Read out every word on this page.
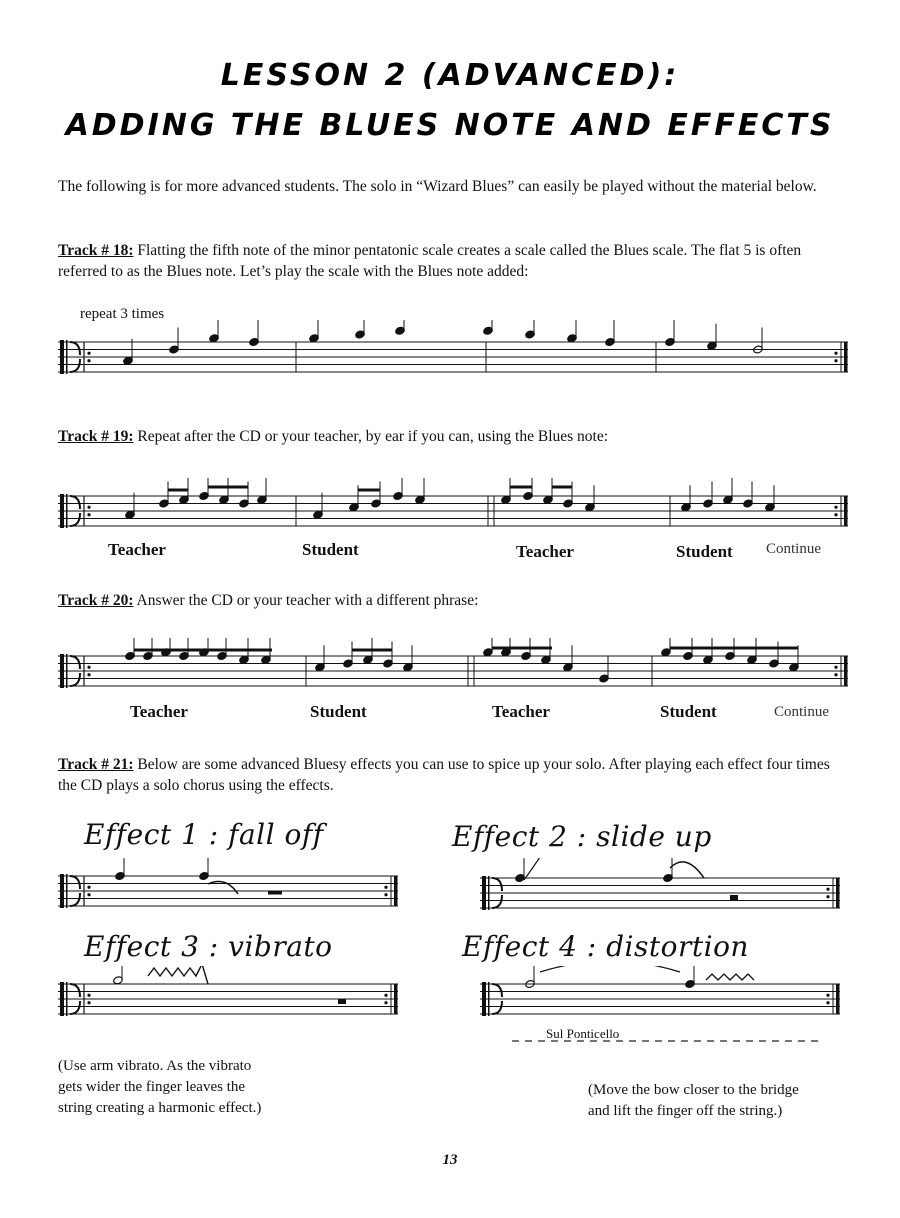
LESSON 2 (ADVANCED):
ADDING THE BLUES NOTE AND EFFECTS
The following is for more advanced students. The solo in “Wizard Blues” can easily be played without the material below.
Track # 18: Flatting the fifth note of the minor pentatonic scale creates a scale called the Blues scale. The flat 5 is often referred to as the Blues note. Let’s play the scale with the Blues note added:
repeat 3 times
Track # 19: Repeat after the CD or your teacher, by ear if you can, using the Blues note:
Teacher	Student	Teacher	Student Continue
Track # 20: Answer the CD or your teacher with a different phrase:
Teacher	Student	Teacher	Student	Continue
Track # 21: Below are some advanced Bluesy effects you can use to spice up your solo. After playing each effect four times the CD plays a solo chorus using the effects.
Effect 1 : fall off	Effect 2 : slide up
Effect 3 : vibrato	Effect 4 : distortion
Sul Ponticello
(Use arm vibrato. As the vibrato
gets wider the finger leaves the
string creating a harmonic effect.)
(Move the bow closer to the bridge
and lift the finger off the string.)
13
